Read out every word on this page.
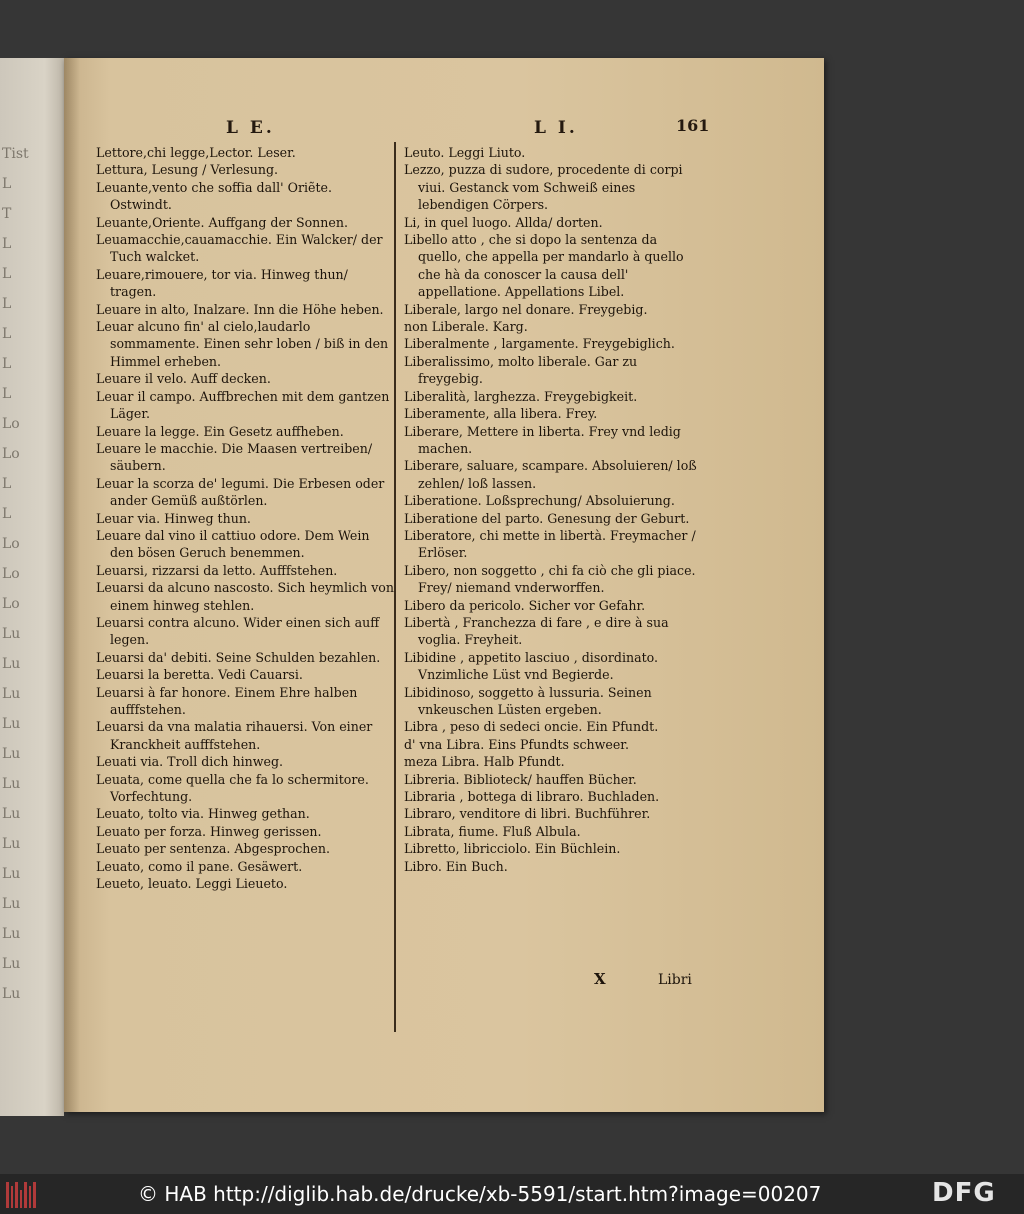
Tist
L
T
L
L
L
L
L
L
Lo
Lo
L
L
Lo
Lo
Lo
Lu
Lu
Lu
Lu
Lu
Lu
Lu
Lu
Lu
Lu
Lu
Lu
Lu
L E.	L I.	161
Lettore,chi legge,Lector. Leser.
Lettura, Lesung / Verlesung.
Leuante,vento che soffia dall' Oriẽte. Ostwindt.
Leuante,Oriente. Auffgang der Sonnen.
Leuamacchie,cauamacchie. Ein Walcker/ der Tuch walcket.
Leuare,rimouere, tor via. Hinweg thun/ tragen.
Leuare in alto, Inalzare. Inn die Höhe heben.
Leuar alcuno fin' al cielo,laudarlo sommamente. Einen sehr loben / biß in den Himmel erheben.
Leuare il velo. Auff decken.
Leuar il campo. Auffbrechen mit dem gantzen Läger.
Leuare la legge. Ein Gesetz auffheben.
Leuare le macchie. Die Maasen vertreiben/ säubern.
Leuar la scorza de' legumi. Die Erbesen oder ander Gemüß außtörlen.
Leuar via. Hinweg thun.
Leuare dal vino il cattiuo odore. Dem Wein den bösen Geruch benemmen.
Leuarsi, rizzarsi da letto. Aufffstehen.
Leuarsi da alcuno nascosto. Sich heymlich von einem hinweg stehlen.
Leuarsi contra alcuno. Wider einen sich auff legen.
Leuarsi da' debiti. Seine Schulden bezahlen.
Leuarsi la beretta. Vedi Cauarsi.
Leuarsi à far honore. Einem Ehre halben aufffstehen.
Leuarsi da vna malatia rihauersi. Von einer Kranckheit aufffstehen.
Leuati via. Troll dich hinweg.
Leuata, come quella che fa lo schermitore. Vorfechtung.
Leuato, tolto via. Hinweg gethan.
Leuato per forza. Hinweg gerissen.
Leuato per sentenza. Abgesprochen.
Leuato, como il pane. Gesäwert.
Leueto, leuato. Leggi Lieueto.
Leuto. Leggi Liuto.
Lezzo, puzza di sudore, procedente di corpi viui. Gestanck vom Schweiß eines lebendigen Cörpers.
Li, in quel luogo. Allda/ dorten.
Libello atto , che si dopo la sentenza da quello, che appella per mandarlo à quello che hà da conoscer la causa dell' appellatione. Appellations Libel.
Liberale, largo nel donare. Freygebig.
non Liberale. Karg.
Liberalmente , largamente. Freygebiglich.
Liberalissimo, molto liberale. Gar zu freygebig.
Liberalità, larghezza. Freygebigkeit.
Liberamente, alla libera. Frey.
Liberare, Mettere in liberta. Frey vnd ledig machen.
Liberare, saluare, scampare. Absoluieren/ loß zehlen/ loß lassen.
Liberatione. Loßsprechung/ Absoluierung.
Liberatione del parto. Genesung der Geburt.
Liberatore, chi mette in libertà. Freymacher / Erlöser.
Libero, non soggetto , chi fa ciò che gli piace. Frey/ niemand vnderworffen.
Libero da pericolo. Sicher vor Gefahr.
Libertà , Franchezza di fare , e dire à sua voglia. Freyheit.
Libidine , appetito lasciuo , disordinato. Vnzimliche Lüst vnd Begierde.
Libidinoso, soggetto à lussuria. Seinen vnkeuschen Lüsten ergeben.
Libra , peso di sedeci oncie. Ein Pfundt.
d' vna Libra. Eins Pfundts schweer.
meza Libra. Halb Pfundt.
Libreria. Biblioteck/ hauffen Bücher.
Libraria , bottega di libraro. Buchladen.
Libraro, venditore di libri. Buchführer.
Librata, fiume. Fluß Albula.
Libretto, libricciolo. Ein Büchlein.
Libro. Ein Buch.
X	Libri
© HAB http://diglib.hab.de/drucke/xb-5591/start.htm?image=00207	DFG
